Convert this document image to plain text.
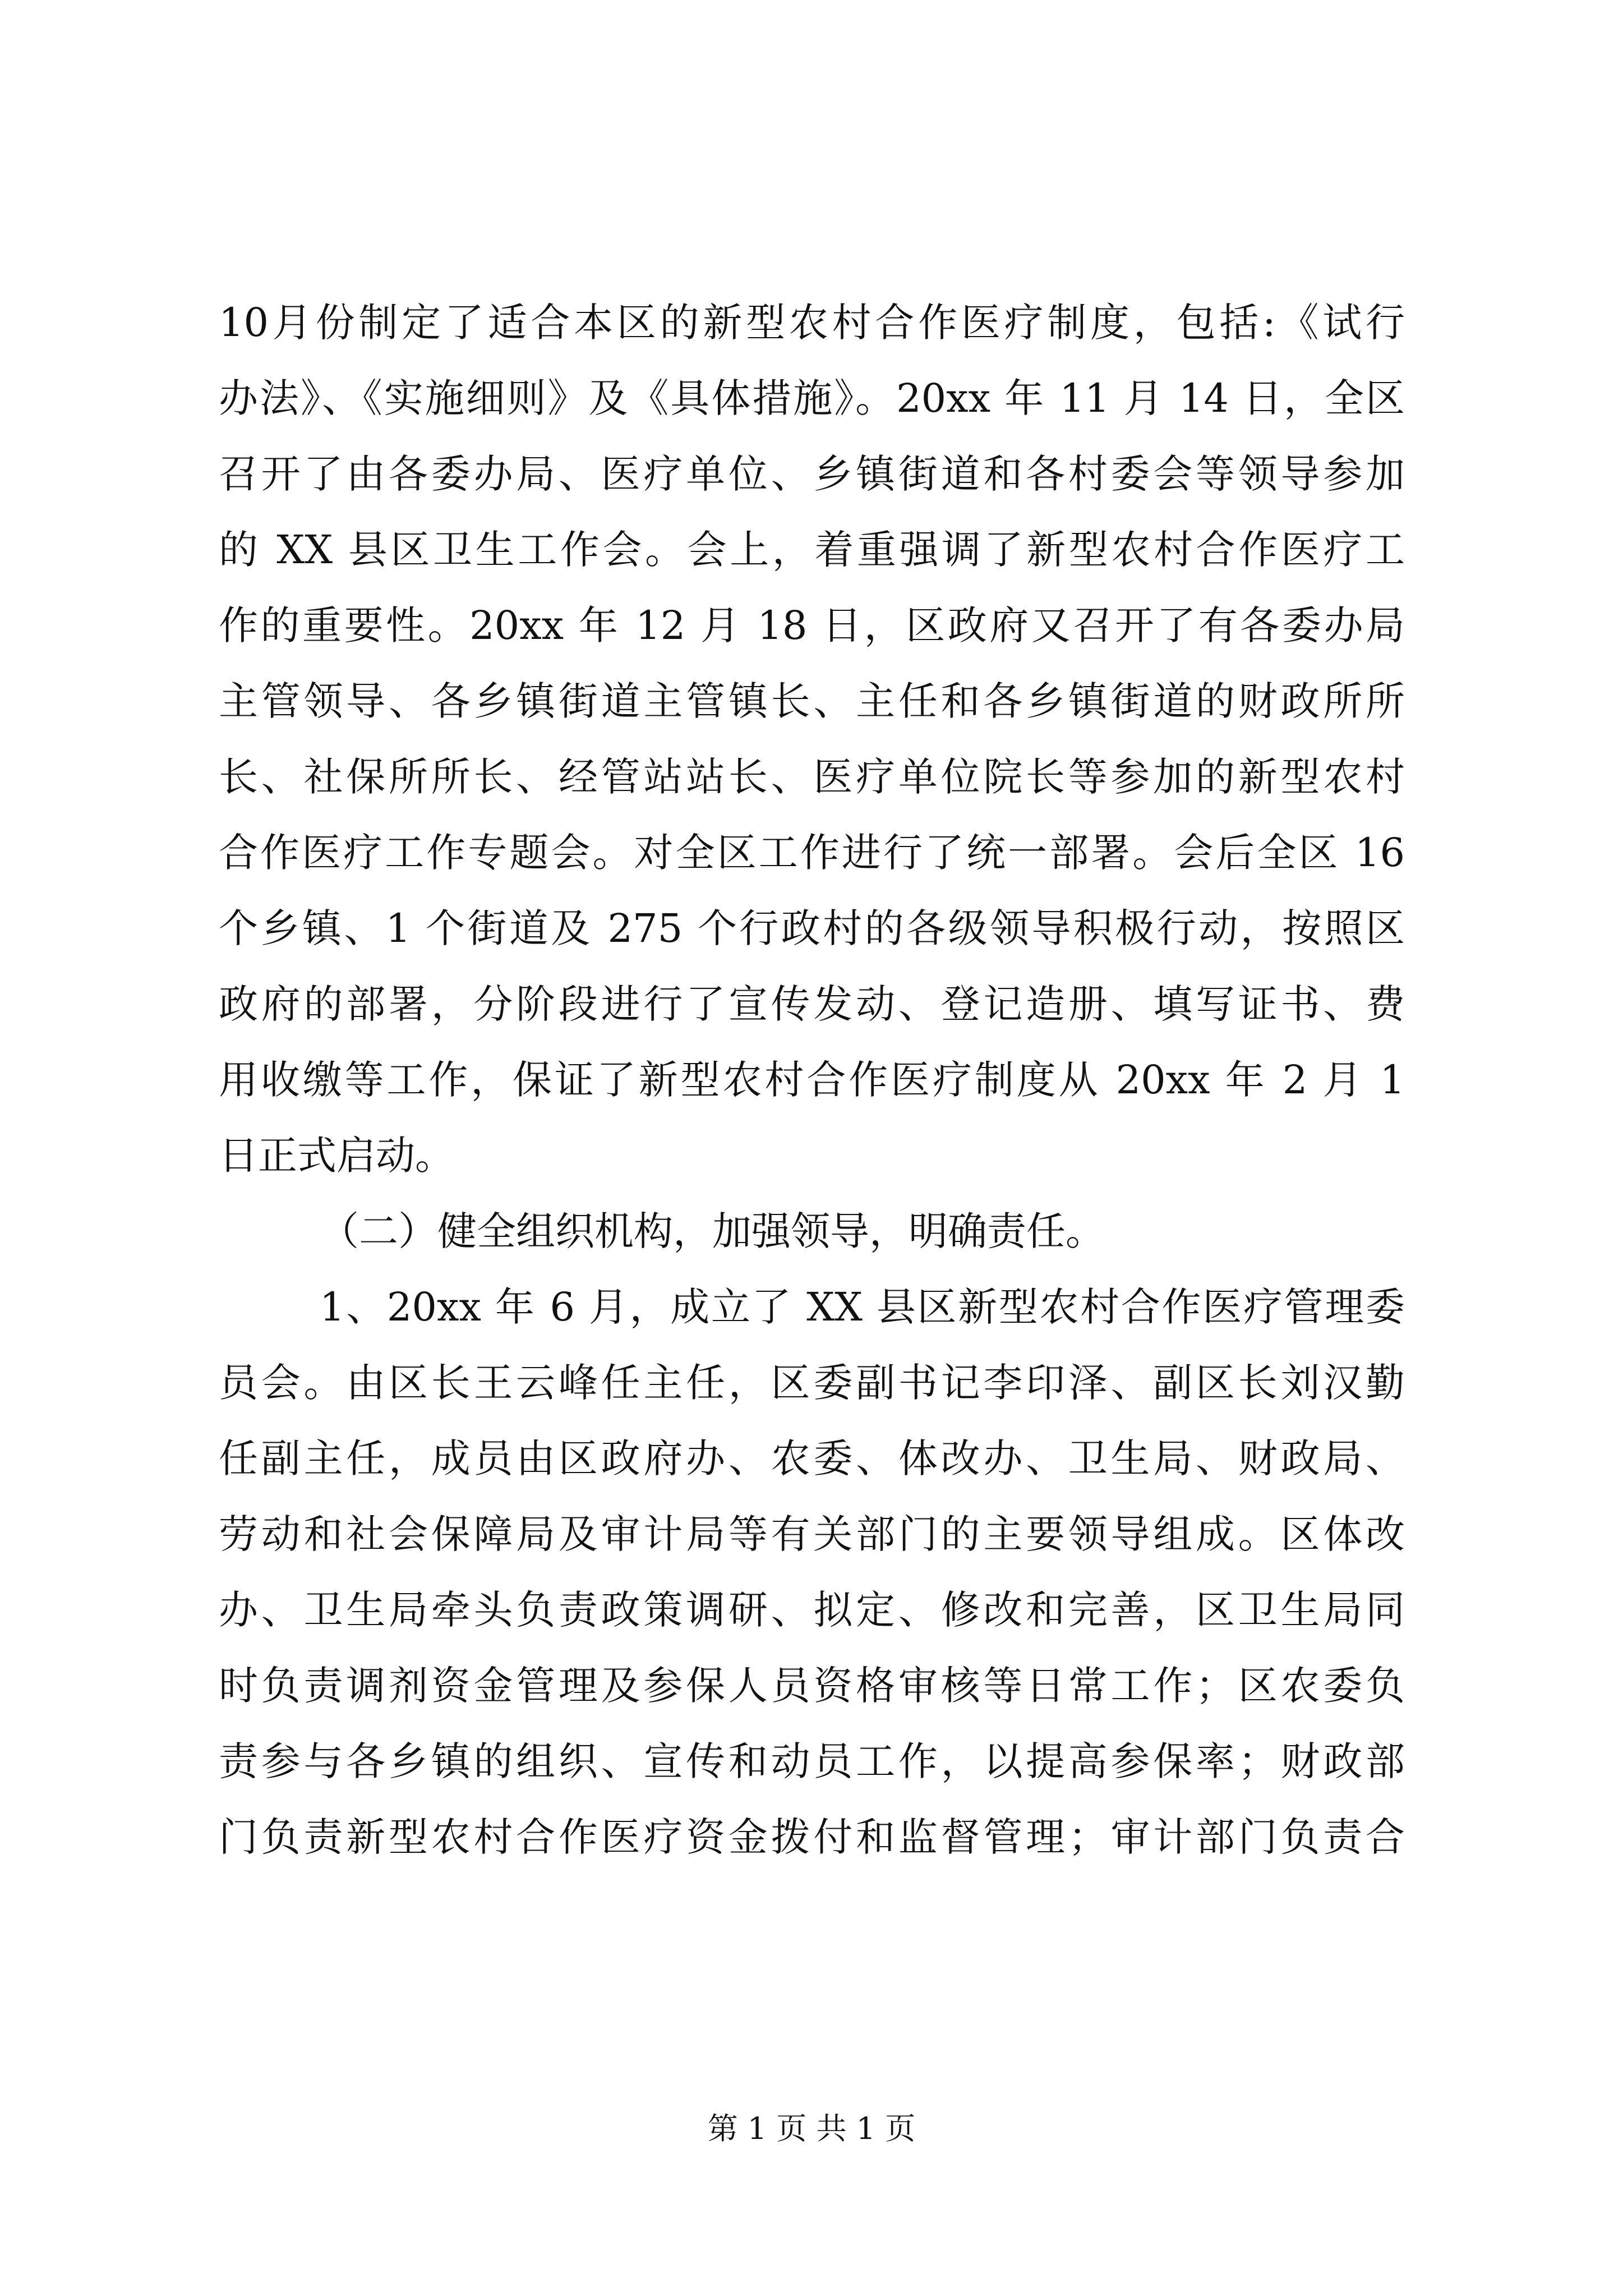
10月份制定了适合本区的新型农村合作医疗制度，包括:《试行
办法》、《实施细则》及《具体措施》。20xx 年 11 月 14 日，全区
召开了由各委办局、医疗单位、乡镇街道和各村委会等领导参加
的 XX 县区卫生工作会。会上，着重强调了新型农村合作医疗工
作的重要性。20xx 年 12 月 18 日，区政府又召开了有各委办局
主管领导、各乡镇街道主管镇长、主任和各乡镇街道的财政所所
长、社保所所长、经管站站长、医疗单位院长等参加的新型农村
合作医疗工作专题会。对全区工作进行了统一部署。会后全区 16
个乡镇、1 个街道及 275 个行政村的各级领导积极行动，按照区
政府的部署，分阶段进行了宣传发动、登记造册、填写证书、费
用收缴等工作，保证了新型农村合作医疗制度从 20xx 年 2 月 1
日正式启动。
（二）健全组织机构，加强领导，明确责任。
1、20xx 年 6 月，成立了 XX 县区新型农村合作医疗管理委
员会。由区长王云峰任主任，区委副书记李印泽、副区长刘汉勤
任副主任，成员由区政府办、农委、体改办、卫生局、财政局、
劳动和社会保障局及审计局等有关部门的主要领导组成。区体改
办、卫生局牵头负责政策调研、拟定、修改和完善，区卫生局同
时负责调剂资金管理及参保人员资格审核等日常工作；区农委负
责参与各乡镇的组织、宣传和动员工作，以提高参保率；财政部
门负责新型农村合作医疗资金拨付和监督管理；审计部门负责合
第 1 页 共 1 页
